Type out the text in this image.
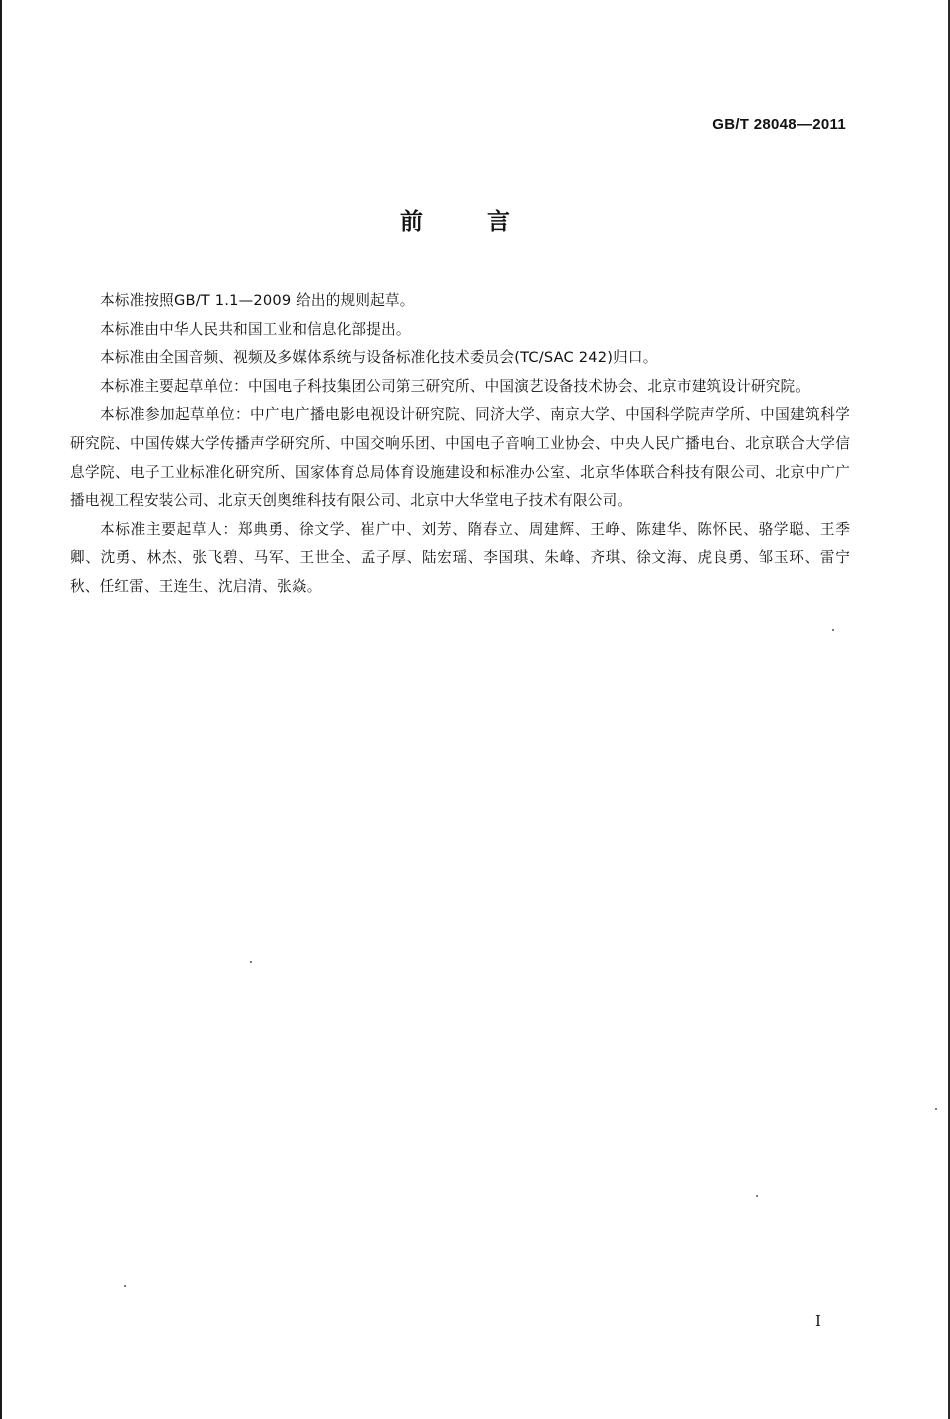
GB/T 28048—2011
前言

本标准按照GB/T 1.1—2009 给出的规则起草。

本标准由中华人民共和国工业和信息化部提出。

本标准由全国音频、视频及多媒体系统与设备标准化技术委员会(TC/SAC 242)归口。

本标准主要起草单位：中国电子科技集团公司第三研究所、中国演艺设备技术协会、北京市建筑设计研究院。

本标准参加起草单位：中广电广播电影电视设计研究院、同济大学、南京大学、中国科学院声学所、中国建筑科学研究院、中国传媒大学传播声学研究所、中国交响乐团、中国电子音响工业协会、中央人民广播电台、北京联合大学信息学院、电子工业标准化研究所、国家体育总局体育设施建设和标准办公室、北京华体联合科技有限公司、北京中广广播电视工程安装公司、北京天创奥维科技有限公司、北京中大华堂电子技术有限公司。

本标准主要起草人：郑典勇、徐文学、崔广中、刘芳、隋春立、周建辉、王峥、陈建华、陈怀民、骆学聪、王季卿、沈勇、林杰、张飞碧、马军、王世全、孟子厚、陆宏瑶、李国琪、朱峰、齐琪、徐文海、虎良勇、邹玉环、雷宁秋、任红雷、王连生、沈启清、张焱。

I
